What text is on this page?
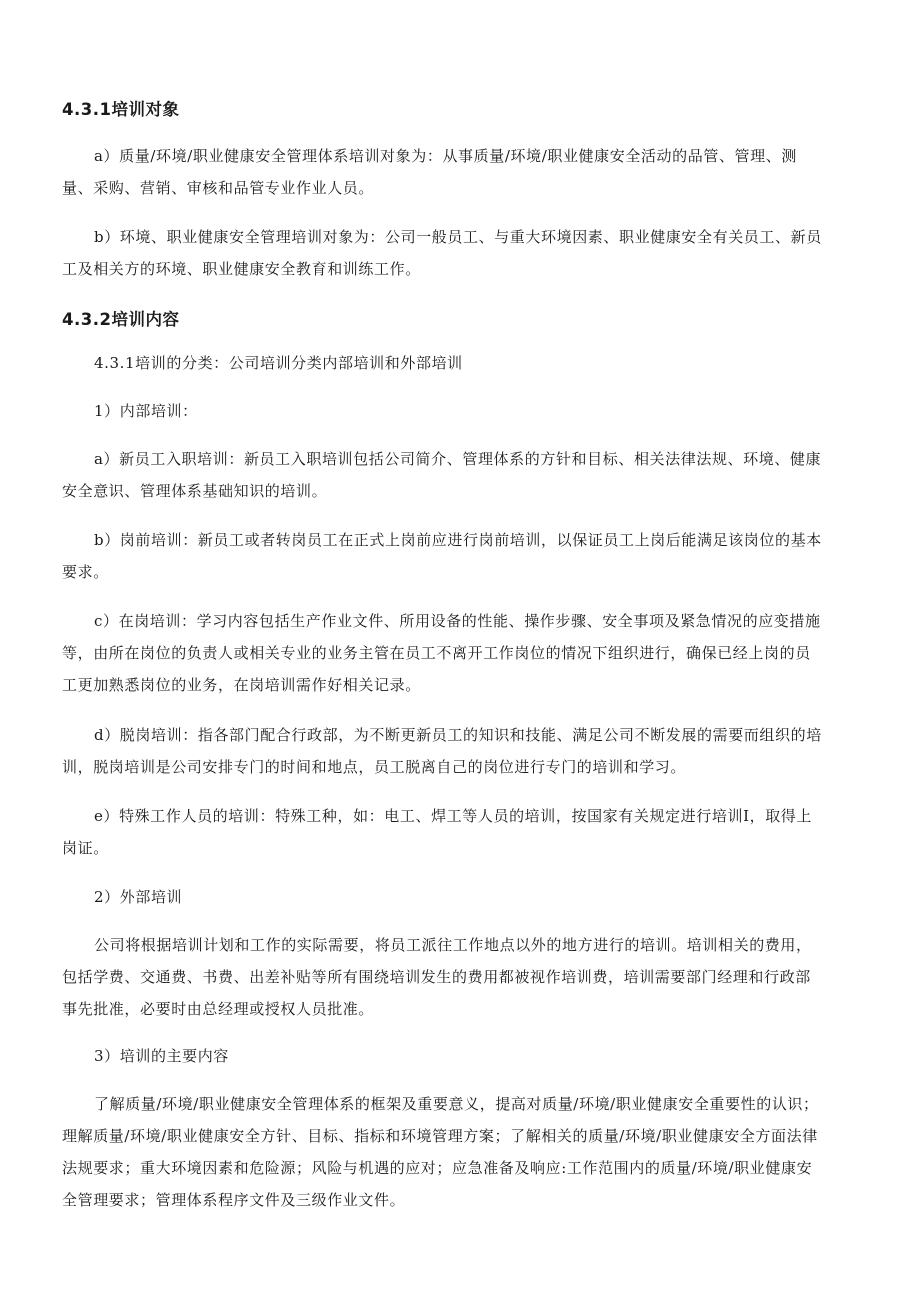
4.3.1培训对象

a）质量/环境/职业健康安全管理体系培训对象为：从事质量/环境/职业健康安全活动的品管、管理、测量、采购、营销、审核和品管专业作业人员。

b）环境、职业健康安全管理培训对象为：公司一般员工、与重大环境因素、职业健康安全有关员工、新员工及相关方的环境、职业健康安全教育和训练工作。

4.3.2培训内容

4.3.1培训的分类：公司培训分类内部培训和外部培训

1）内部培训：

a）新员工入职培训：新员工入职培训包括公司简介、管理体系的方针和目标、相关法律法规、环境、健康安全意识、管理体系基础知识的培训。

b）岗前培训：新员工或者转岗员工在正式上岗前应进行岗前培训，以保证员工上岗后能满足该岗位的基本要求。

c）在岗培训：学习内容包括生产作业文件、所用设备的性能、操作步骤、安全事项及紧急情况的应变措施等，由所在岗位的负责人或相关专业的业务主管在员工不离开工作岗位的情况下组织进行，确保已经上岗的员工更加熟悉岗位的业务，在岗培训需作好相关记录。

d）脱岗培训：指各部门配合行政部，为不断更新员工的知识和技能、满足公司不断发展的需要而组织的培训，脱岗培训是公司安排专门的时间和地点，员工脱离自己的岗位进行专门的培训和学习。

e）特殊工作人员的培训：特殊工种，如：电工、焊工等人员的培训，按国家有关规定进行培训I，取得上岗证。

2）外部培训

公司将根据培训计划和工作的实际需要，将员工派往工作地点以外的地方进行的培训。培训相关的费用，包括学费、交通费、书费、出差补贴等所有围绕培训发生的费用都被视作培训费，培训需要部门经理和行政部事先批准，必要时由总经理或授权人员批准。

3）培训的主要内容

了解质量/环境/职业健康安全管理体系的框架及重要意义，提高对质量/环境/职业健康安全重要性的认识；理解质量/环境/职业健康安全方针、目标、指标和环境管理方案；了解相关的质量/环境/职业健康安全方面法律法规要求；重大环境因素和危险源；风险与机遇的应对；应急准备及响应:工作范围内的质量/环境/职业健康安全管理要求；管理体系程序文件及三级作业文件。
